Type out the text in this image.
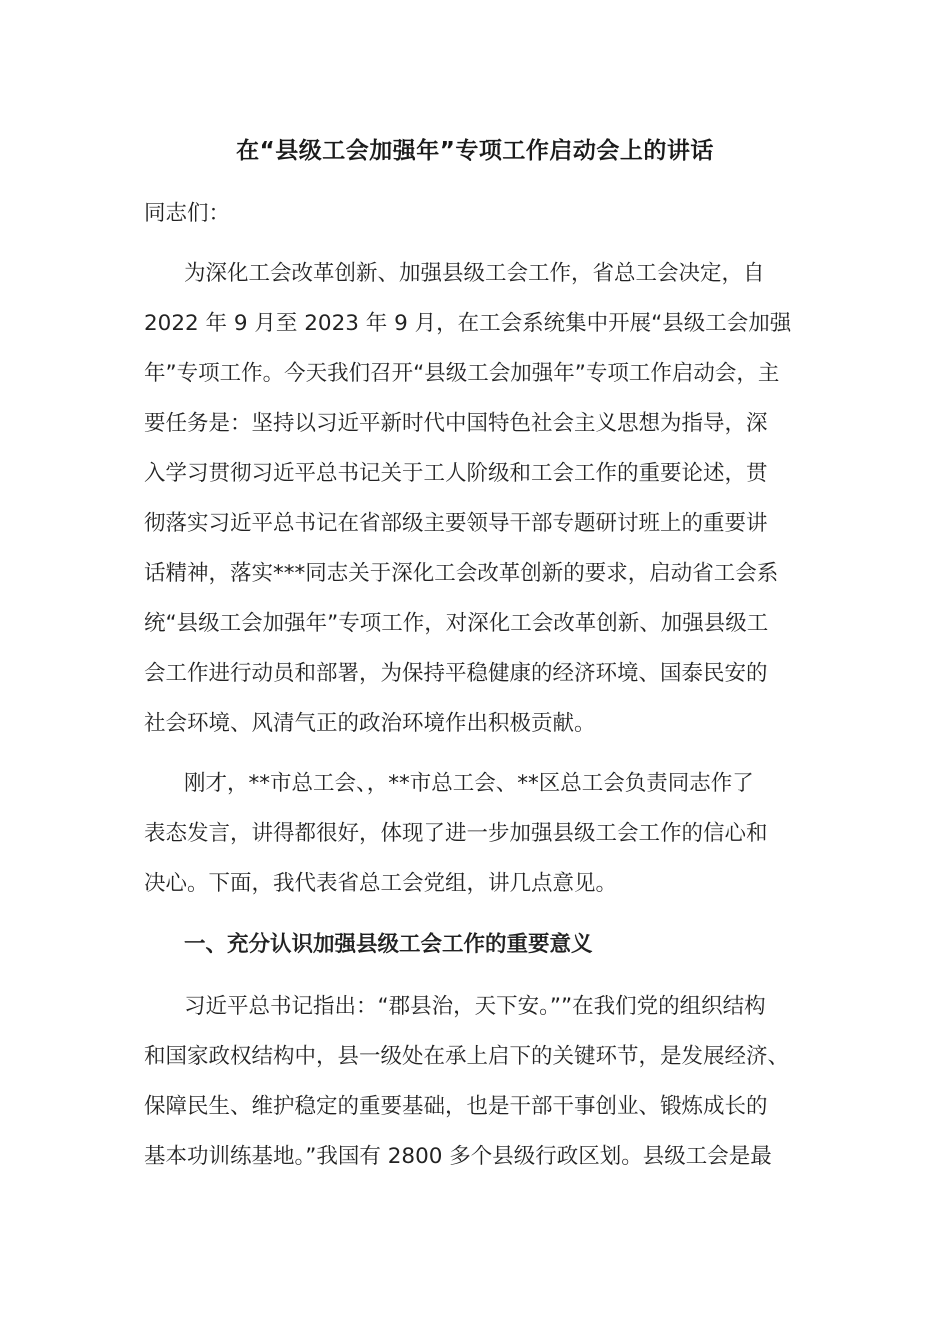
在“县级工会加强年”专项工作启动会上的讲话
同志们：
为深化工会改革创新、加强县级工会工作，省总工会决定，自
2022 年 9 月至 2023 年 9 月，在工会系统集中开展“县级工会加强
年”专项工作。今天我们召开“县级工会加强年”专项工作启动会，主
要任务是：坚持以习近平新时代中国特色社会主义思想为指导，深
入学习贯彻习近平总书记关于工人阶级和工会工作的重要论述，贯
彻落实习近平总书记在省部级主要领导干部专题研讨班上的重要讲
话精神，落实***同志关于深化工会改革创新的要求，启动省工会系
统“县级工会加强年”专项工作，对深化工会改革创新、加强县级工
会工作进行动员和部署，为保持平稳健康的经济环境、国泰民安的
社会环境、风清气正的政治环境作出积极贡献。
刚才，**市总工会、，**市总工会、**区总工会负责同志作了
表态发言，讲得都很好，体现了进一步加强县级工会工作的信心和
决心。下面，我代表省总工会党组，讲几点意见。
一、充分认识加强县级工会工作的重要意义
习近平总书记指出：“郡县治，天下安。””在我们党的组织结构
和国家政权结构中，县一级处在承上启下的关键环节，是发展经济、
保障民生、维护稳定的重要基础，也是干部干事创业、锻炼成长的
基本功训练基地。”我国有 2800 多个县级行政区划。县级工会是最
